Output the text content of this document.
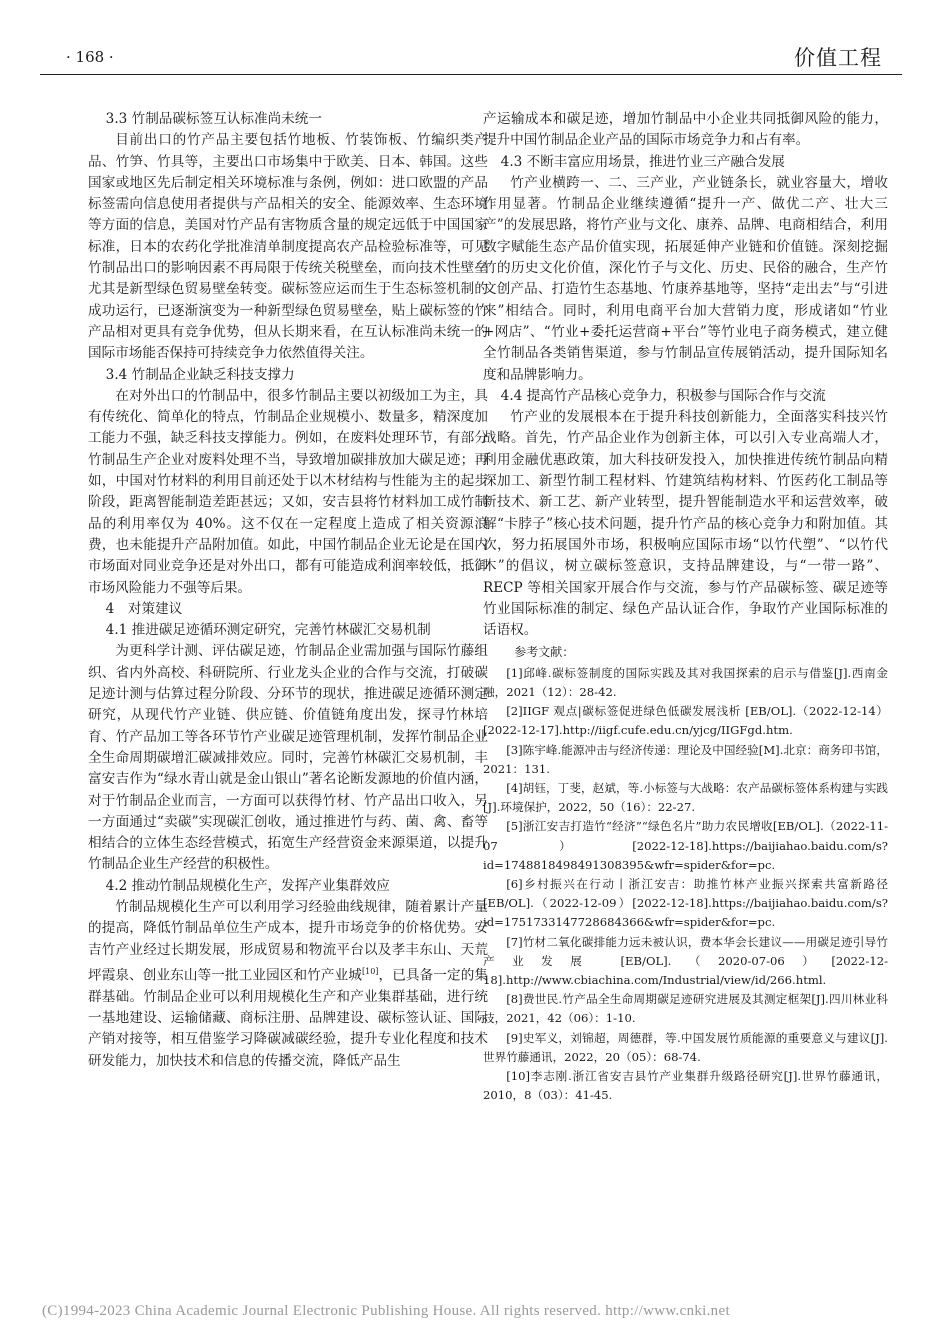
· 168 ·	价值工程

3.3 竹制品碳标签互认标准尚未统一

目前出口的竹产品主要包括竹地板、竹装饰板、竹编织类产品、竹笋、竹具等，主要出口市场集中于欧美、日本、韩国。这些国家或地区先后制定相关环境标准与条例，例如：进口欧盟的产品标签需向信息使用者提供与产品相关的安全、能源效率、生态环境等方面的信息，美国对竹产品有害物质含量的规定远低于中国国家标准，日本的农药化学批准清单制度提高农产品检验标准等，可见竹制品出口的影响因素不再局限于传统关税壁垒，而向技术性壁垒尤其是新型绿色贸易壁垒转变。碳标签应运而生于生态标签机制的成功运行，已逐渐演变为一种新型绿色贸易壁垒，贴上碳标签的竹产品相对更具有竞争优势，但从长期来看，在互认标准尚未统一的国际市场能否保持可持续竞争力依然值得关注。

3.4 竹制品企业缺乏科技支撑力

在对外出口的竹制品中，很多竹制品主要以初级加工为主，具有传统化、简单化的特点，竹制品企业规模小、数量多，精深度加工能力不强，缺乏科技支撑能力。例如，在废料处理环节，有部分竹制品生产企业对废料处理不当，导致增加碳排放加大碳足迹；再如，中国对竹材料的利用目前还处于以木材结构与性能为主的起步阶段，距离智能制造差距甚远；又如，安吉县将竹材料加工成竹制品的利用率仅为 40%。这不仅在一定程度上造成了相关资源浪费，也未能提升产品附加值。如此，中国竹制品企业无论是在国内市场面对同业竞争还是对外出口，都有可能造成利润率较低，抵御市场风险能力不强等后果。

4　对策建议

4.1 推进碳足迹循环测定研究，完善竹林碳汇交易机制

为更科学计测、评估碳足迹，竹制品企业需加强与国际竹藤组织、省内外高校、科研院所、行业龙头企业的合作与交流，打破碳足迹计测与估算过程分阶段、分环节的现状，推进碳足迹循环测定研究，从现代竹产业链、供应链、价值链角度出发，探寻竹林培育、竹产品加工等各环节竹产业碳足迹管理机制，发挥竹制品企业全生命周期碳增汇碳减排效应。同时，完善竹林碳汇交易机制，丰富安吉作为“绿水青山就是金山银山”著名论断发源地的价值内涵，对于竹制品企业而言，一方面可以获得竹材、竹产品出口收入，另一方面通过“卖碳”实现碳汇创收，通过推进竹与药、菌、禽、畜等相结合的立体生态经营模式，拓宽生产经营资金来源渠道，以提升竹制品企业生产经营的积极性。

4.2 推动竹制品规模化生产，发挥产业集群效应

竹制品规模化生产可以利用学习经验曲线规律，随着累计产量的提高，降低竹制品单位生产成本，提升市场竞争的价格优势。安吉竹产业经过长期发展，形成贸易和物流平台以及孝丰东山、天荒坪霞泉、创业东山等一批工业园区和竹产业城[10]，已具备一定的集群基础。竹制品企业可以利用规模化生产和产业集群基础，进行统一基地建设、运输储藏、商标注册、品牌建设、碳标签认证、国际产销对接等，相互借鉴学习降碳减碳经验，提升专业化程度和技术研发能力，加快技术和信息的传播交流，降低产品生

产运输成本和碳足迹，增加竹制品中小企业共同抵御风险的能力，提升中国竹制品企业产品的国际市场竞争力和占有率。

4.3 不断丰富应用场景，推进竹业三产融合发展

竹产业横跨一、二、三产业，产业链条长，就业容量大，增收作用显著。竹制品企业继续遵循“提升一产、做优二产、壮大三产”的发展思路，将竹产业与文化、康养、品牌、电商相结合，利用数字赋能生态产品价值实现，拓展延伸产业链和价值链。深刻挖掘竹的历史文化价值，深化竹子与文化、历史、民俗的融合，生产竹文创产品、打造竹生态基地、竹康养基地等，坚持“走出去”与“引进来”相结合。同时，利用电商平台加大营销力度，形成诸如“竹业+网店”、“竹业+委托运营商+平台”等竹业电子商务模式，建立健全竹制品各类销售渠道，参与竹制品宣传展销活动，提升国际知名度和品牌影响力。

4.4 提高竹产品核心竞争力，积极参与国际合作与交流

竹产业的发展根本在于提升科技创新能力，全面落实科技兴竹战略。首先，竹产品企业作为创新主体，可以引入专业高端人才，利用金融优惠政策，加大科技研发投入，加快推进传统竹制品向精深加工、新型竹制工程材料、竹建筑结构材料、竹医药化工制品等新技术、新工艺、新产业转型，提升智能制造水平和运营效率，破解“卡脖子”核心技术问题，提升竹产品的核心竞争力和附加值。其次，努力拓展国外市场，积极响应国际市场“以竹代塑”、“以竹代木”的倡议，树立碳标签意识，支持品牌建设，与“一带一路”、RECP 等相关国家开展合作与交流，参与竹产品碳标签、碳足迹等竹业国际标准的制定、绿色产品认证合作，争取竹产业国际标准的话语权。

参考文献：

[1]邱峰.碳标签制度的国际实践及其对我国探索的启示与借鉴[J].西南金融，2021（12）：28-42.

[2]IIGF 观点|碳标签促进绿色低碳发展浅析 [EB/OL].（2022-12-14）[2022-12-17].http://iigf.cufe.edu.cn/yjcg/IIGFgd.htm.

[3]陈宇峰.能源冲击与经济传递：理论及中国经验[M].北京：商务印书馆，2021：131.

[4]胡钰，丁斐，赵斌，等.小标签与大战略：农产品碳标签体系构建与实践[J].环境保护，2022，50（16）：22-27.

[5]浙江安吉打造竹“经济”“绿色名片”助力农民增收[EB/OL].（2022-11-07）[2022-12-18].https://baijiahao.baidu.com/s?id=1748818498491308395&wfr=spider&for=pc.

[6]乡村振兴在行动丨浙江安吉：助推竹林产业振兴探索共富新路径 [EB/OL].（2022-12-09）[2022-12-18].https://baijiahao.baidu.com/s?id=1751733147728684366&wfr=spider&for=pc.

[7]竹材二氧化碳排能力远未被认识，费本华会长建议——用碳足迹引导竹产业发展 [EB/OL].（2020-07-06）[2022-12-18].http://www.cbiachina.com/Industrial/view/id/266.html.

[8]费世民.竹产品全生命周期碳足迹研究进展及其测定框架[J].四川林业科技，2021，42（06）：1-10.

[9]史军义，刘锦超，周德群，等.中国发展竹质能源的重要意义与建议[J].世界竹藤通讯，2022，20（05）：68-74.

[10]李志刚.浙江省安吉县竹产业集群升级路径研究[J].世界竹藤通讯，2010，8（03）：41-45.

(C)1994-2023 China Academic Journal Electronic Publishing House. All rights reserved. http://www.cnki.net
